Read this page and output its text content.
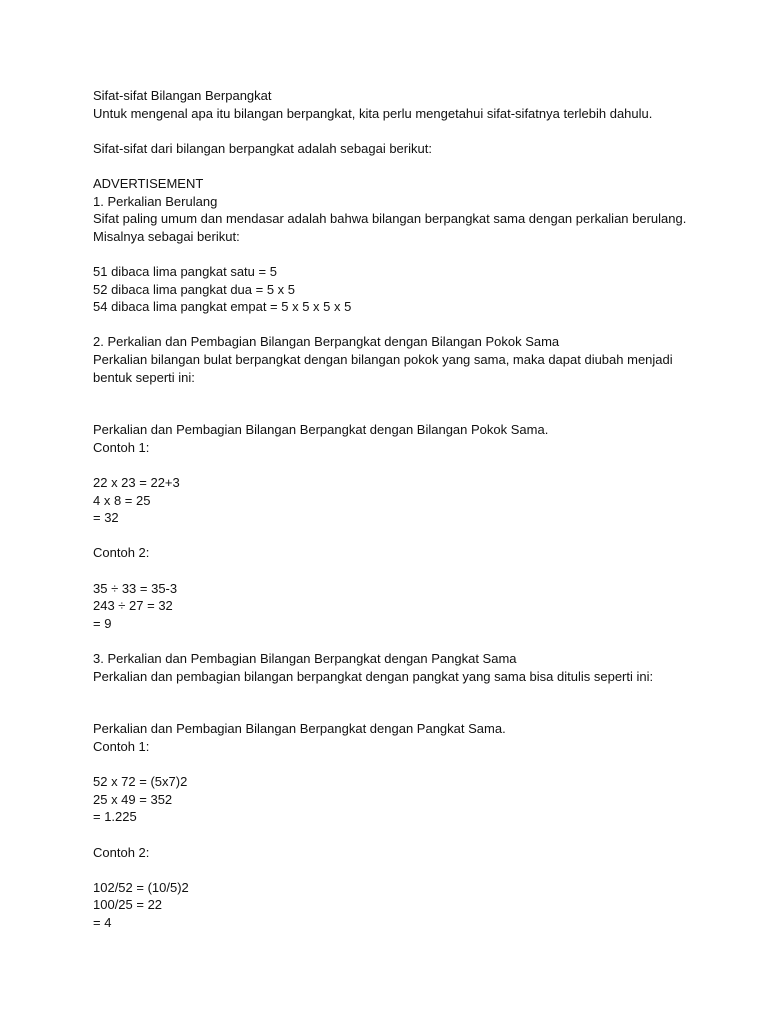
Sifat-sifat Bilangan Berpangkat
Untuk mengenal apa itu bilangan berpangkat, kita perlu mengetahui sifat-sifatnya terlebih dahulu.
Sifat-sifat dari bilangan berpangkat adalah sebagai berikut:
ADVERTISEMENT
1. Perkalian Berulang
Sifat paling umum dan mendasar adalah bahwa bilangan berpangkat sama dengan perkalian berulang. Misalnya sebagai berikut:
51 dibaca lima pangkat satu = 5
52 dibaca lima pangkat dua = 5 x 5
54 dibaca lima pangkat empat = 5 x 5 x 5 x 5
2. Perkalian dan Pembagian Bilangan Berpangkat dengan Bilangan Pokok Sama
Perkalian bilangan bulat berpangkat dengan bilangan pokok yang sama, maka dapat diubah menjadi bentuk seperti ini:
Perkalian dan Pembagian Bilangan Berpangkat dengan Bilangan Pokok Sama.
Contoh 1:
22 x 23 = 22+3
4 x 8 = 25
= 32
Contoh 2:
35 ÷ 33 = 35-3
243 ÷ 27 = 32
= 9
3. Perkalian dan Pembagian Bilangan Berpangkat dengan Pangkat Sama
Perkalian dan pembagian bilangan berpangkat dengan pangkat yang sama bisa ditulis seperti ini:
Perkalian dan Pembagian Bilangan Berpangkat dengan Pangkat Sama.
Contoh 1:
52 x 72 = (5x7)2
25 x 49 = 352
= 1.225
Contoh 2:
102/52 = (10/5)2
100/25 = 22
= 4
